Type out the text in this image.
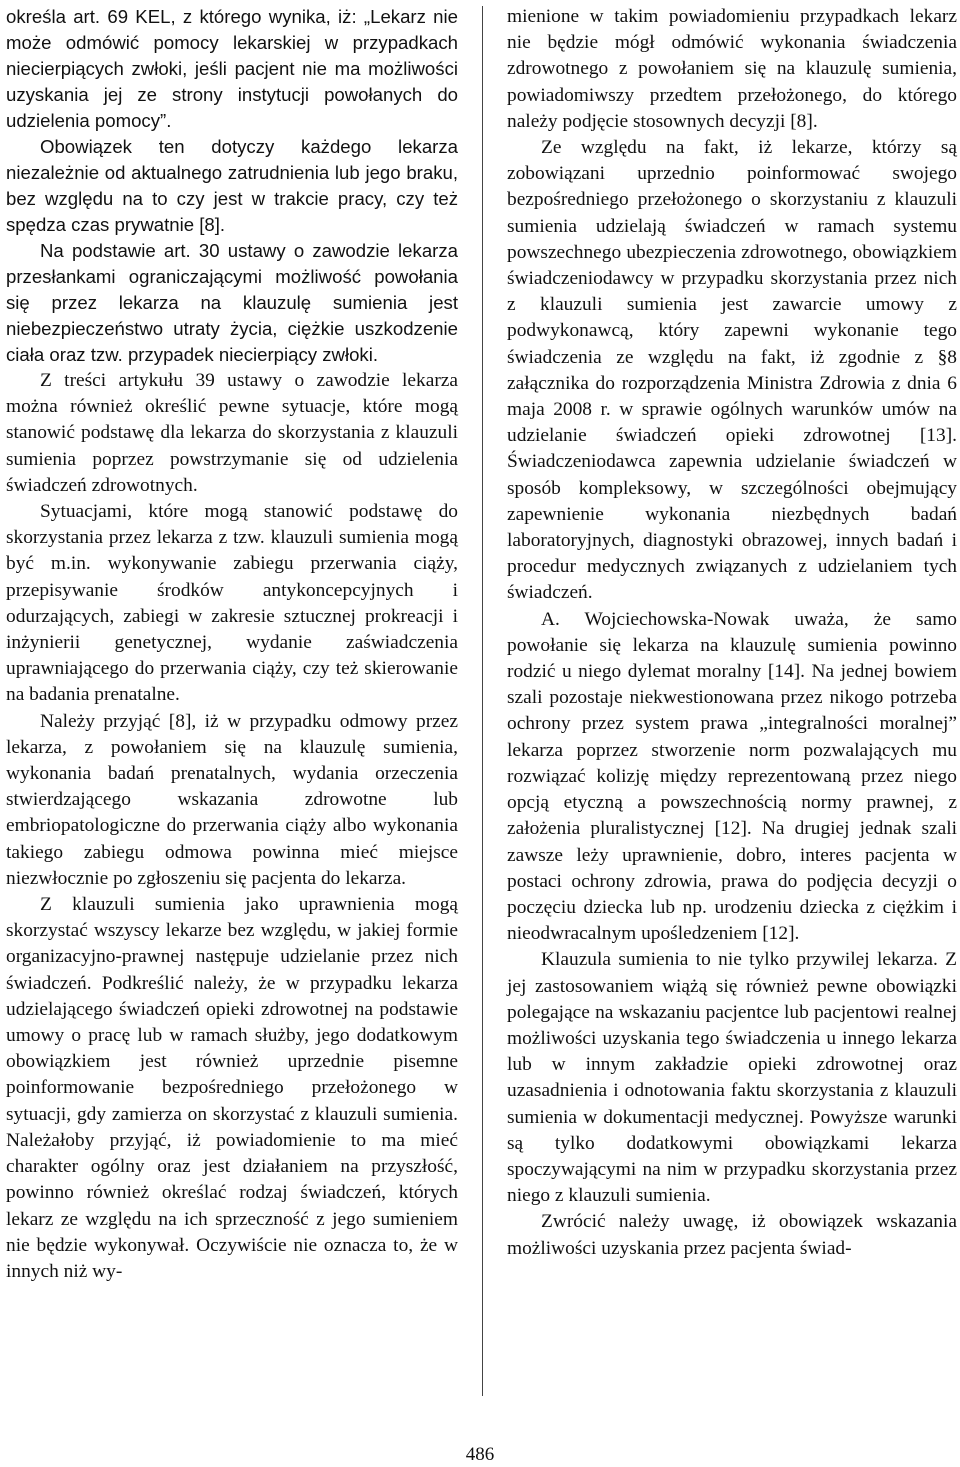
określa art. 69 KEL, z którego wynika, iż: „Lekarz nie może odmówić pomocy lekarskiej w przypadkach niecierpiących zwłoki, jeśli pacjent nie ma możliwości uzyskania jej ze strony instytucji powołanych do udzielenia pomocy”.

Obowiązek ten dotyczy każdego lekarza niezależnie od aktualnego zatrudnienia lub jego braku, bez względu na to czy jest w trakcie pracy, czy też spędza czas prywatnie [8].

Na podstawie art. 30 ustawy o zawodzie lekarza przesłankami ograniczającymi możliwość powołania się przez lekarza na klauzulę sumienia jest niebezpieczeństwo utraty życia, ciężkie uszkodzenie ciała oraz tzw. przypadek niecierpiący zwłoki.

Z treści artykułu 39 ustawy o zawodzie lekarza można również określić pewne sytuacje, które mogą stanowić podstawę dla lekarza do skorzystania z klauzuli sumienia poprzez powstrzymanie się od udzielenia świadczeń zdrowotnych.

Sytuacjami, które mogą stanowić podstawę do skorzystania przez lekarza z tzw. klauzuli sumienia mogą być m.in. wykonywanie zabiegu przerwania ciąży, przepisywanie środków antykoncepcyjnych i odurzających, zabiegi w zakresie sztucznej prokreacji i inżynierii genetycznej, wydanie zaświadczenia uprawniającego do przerwania ciąży, czy też skierowanie na badania prenatalne.

Należy przyjąć [8], iż w przypadku odmowy przez lekarza, z powołaniem się na klauzulę sumienia, wykonania badań prenatalnych, wydania orzeczenia stwierdzającego wskazania zdrowotne lub embriopatologiczne do przerwania ciąży albo wykonania takiego zabiegu odmowa powinna mieć miejsce niezwłocznie po zgłoszeniu się pacjenta do lekarza.

Z klauzuli sumienia jako uprawnienia mogą skorzystać wszyscy lekarze bez względu, w jakiej formie organizacyjno-prawnej następuje udzielanie przez nich świadczeń. Podkreślić należy, że w przypadku lekarza udzielającego świadczeń opieki zdrowotnej na podstawie umowy o pracę lub w ramach służby, jego dodatkowym obowiązkiem jest również uprzednie pisemne poinformowanie bezpośredniego przełożonego w sytuacji, gdy zamierza on skorzystać z klauzuli sumienia. Należałoby przyjąć, iż powiadomienie to ma mieć charakter ogólny oraz jest działaniem na przyszłość, powinno również określać rodzaj świadczeń, których lekarz ze względu na ich sprzeczność z jego sumieniem nie będzie wykonywał. Oczywiście nie oznacza to, że w innych niż wy-

mienione w takim powiadomieniu przypadkach lekarz nie będzie mógł odmówić wykonania świadczenia zdrowotnego z powołaniem się na klauzulę sumienia, powiadomiwszy przedtem przełożonego, do którego należy podjęcie stosownych decyzji [8].

Ze względu na fakt, iż lekarze, którzy są zobowiązani uprzednio poinformować swojego bezpośredniego przełożonego o skorzystaniu z klauzuli sumienia udzielają świadczeń w ramach systemu powszechnego ubezpieczenia zdrowotnego, obowiązkiem świadczeniodawcy w przypadku skorzystania przez nich z klauzuli sumienia jest zawarcie umowy z podwykonawcą, który zapewni wykonanie tego świadczenia ze względu na fakt, iż zgodnie z §8 załącznika do rozporządzenia Ministra Zdrowia z dnia 6 maja 2008 r. w sprawie ogólnych warunków umów na udzielanie świadczeń opieki zdrowotnej [13]. Świadczeniodawca zapewnia udzielanie świadczeń w sposób kompleksowy, w szczególności obejmujący zapewnienie wykonania niezbędnych badań laboratoryjnych, diagnostyki obrazowej, innych badań i procedur medycznych związanych z udzielaniem tych świadczeń.

A. Wojciechowska-Nowak uważa, że samo powołanie się lekarza na klauzulę sumienia powinno rodzić u niego dylemat moralny [14]. Na jednej bowiem szali pozostaje niekwestionowana przez nikogo potrzeba ochrony przez system prawa „integralności moralnej” lekarza poprzez stworzenie norm pozwalających mu rozwiązać kolizję między reprezentowaną przez niego opcją etyczną a powszechnością normy prawnej, z założenia pluralistycznej [12]. Na drugiej jednak szali zawsze leży uprawnienie, dobro, interes pacjenta w postaci ochrony zdrowia, prawa do podjęcia decyzji o poczęciu dziecka lub np. urodzeniu dziecka z ciężkim i nieodwracalnym upośledzeniem [12].

Klauzula sumienia to nie tylko przywilej lekarza. Z jej zastosowaniem wiążą się również pewne obowiązki polegające na wskazaniu pacjentce lub pacjentowi realnej możliwości uzyskania tego świadczenia u innego lekarza lub w innym zakładzie opieki zdrowotnej oraz uzasadnienia i odnotowania faktu skorzystania z klauzuli sumienia w dokumentacji medycznej. Powyższe warunki są tylko dodatkowymi obowiązkami lekarza spoczywającymi na nim w przypadku skorzystania przez niego z klauzuli sumienia.

Zwrócić należy uwagę, iż obowiązek wskazania możliwości uzyskania przez pacjenta świad-

486
